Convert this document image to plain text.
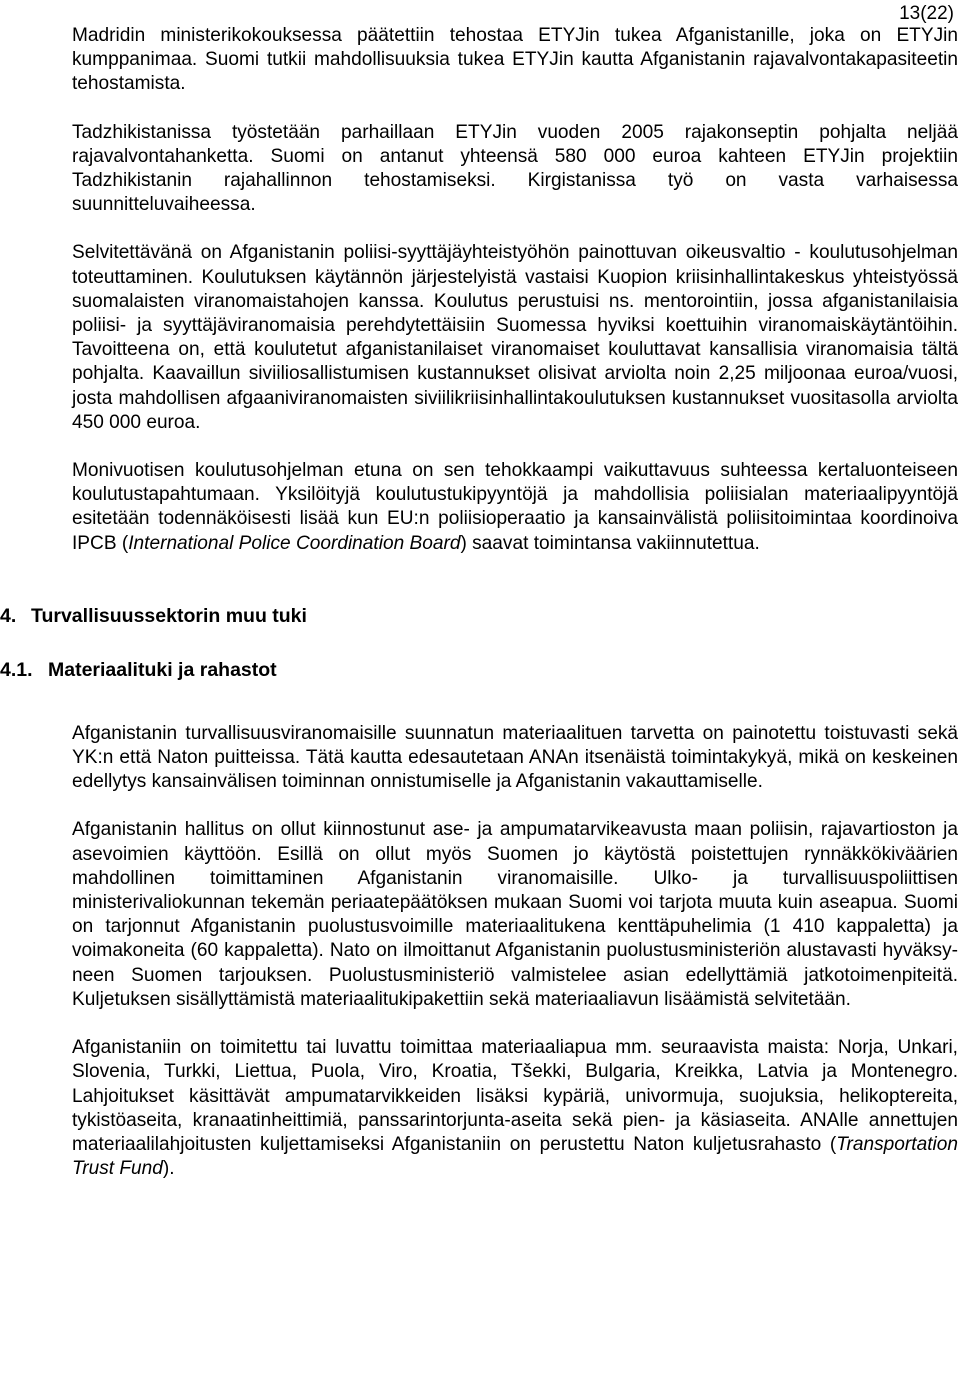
13(22)

Madridin ministerikokouksessa päätettiin tehostaa ETYJin tukea Afganistanille, joka on ETYJin kumppanimaa. Suomi tutkii mahdollisuuksia tukea ETYJin kautta Afganistanin rajavalvontakapasiteetin tehostamista.

Tadzhikistanissa työstetään parhaillaan ETYJin vuoden 2005 rajakonseptin pohjalta neljää rajavalvontahanketta. Suomi on antanut yhteensä 580 000 euroa kahteen ETYJin projektiin Tadzhikistanin rajahallinnon tehostamiseksi. Kirgistanissa työ on vasta varhaisessa suunnitteluvaiheessa.

Selvitettävänä on Afganistanin poliisi-syyttäjäyhteistyöhön painottuvan oikeusvaltio - koulutusohjelman toteuttaminen. Koulutuksen käytännön järjestelyistä vastaisi Kuopion kriisinhallintakeskus yhteistyössä suomalaisten viranomaistahojen kanssa. Koulutus perustuisi ns. mentorointiin, jossa afganistanilaisia poliisi- ja syyttäjäviranomaisia perehdytettäisiin Suomessa hyviksi koettuihin viranomaiskäytäntöihin. Tavoitteena on, että koulutetut afganistanilaiset viranomaiset kouluttavat kansallisia viranomaisia tältä pohjalta. Kaavaillun siviiliosallistumisen kustannukset olisivat arviolta noin 2,25 miljoonaa euroa/vuosi, josta mahdollisen afgaaniviranomaisten siviilikriisinhallintakoulutuksen kustannukset vuositasolla arviolta 450 000 euroa.

Monivuotisen koulutusohjelman etuna on sen tehokkaampi vaikuttavuus suhteessa kertaluonteiseen koulutustapahtumaan. Yksilöityjä koulutustukipyyntöjä ja mahdollisia poliisialan materiaalipyyntöjä esitetään todennäköisesti lisää kun EU:n poliisioperaatio ja kansainvälistä poliisitoimintaa koordinoiva IPCB (International Police Coordination Board) saavat toimintansa vakiinnutettua.

4. Turvallisuussektorin muu tuki

4.1. Materiaalituki ja rahastot

Afganistanin turvallisuusviranomaisille suunnatun materiaalituen tarvetta on painotettu toistuvasti sekä YK:n että Naton puitteissa. Tätä kautta edesautetaan ANAn itsenäistä toimintakykyä, mikä on keskeinen edellytys kansainvälisen toiminnan onnistumiselle ja Afganistanin vakauttamiselle.

Afganistanin hallitus on ollut kiinnostunut ase- ja ampumatarvikeavusta maan poliisin, rajavartioston ja asevoimien käyttöön. Esillä on ollut myös Suomen jo käytöstä poistettujen rynnäkkökiväärien mahdollinen toimittaminen Afganistanin viranomaisille. Ulko- ja turvallisuuspoliittisen ministerivaliokunnan tekemän periaatepäätöksen mukaan Suomi voi tarjota muuta kuin aseapua. Suomi on tarjonnut Afganistanin puolustusvoimille materiaalitukena kenttäpuhelimia (1 410 kappaletta) ja voimakoneita (60 kappaletta). Nato on ilmoittanut Afganistanin puolustusministeriön alustavasti hyväksyneen Suomen tarjouksen. Puolustusministeriö valmistelee asian edellyttämiä jatkotoimenpiteitä. Kuljetuksen sisällyttämistä materiaalitukipakettiin sekä materiaaliavun lisäämistä selvitetään.

Afganistaniin on toimitettu tai luvattu toimittaa materiaaliapua mm. seuraavista maista: Norja, Unkari, Slovenia, Turkki, Liettua, Puola, Viro, Kroatia, Tšekki, Bulgaria, Kreikka, Latvia ja Montenegro. Lahjoitukset käsittävät ampumatarvikkeiden lisäksi kypäriä, univormuja, suojuksia, helikoptereita, tykistöaseita, kranaatinheittimiä, panssarintorjunta-aseita sekä pien- ja käsiaseita. ANAlle annettujen materiaalilahjoitusten kuljettamiseksi Afganistaniin on perustettu Naton kuljetusrahasto (Transportation Trust Fund).
